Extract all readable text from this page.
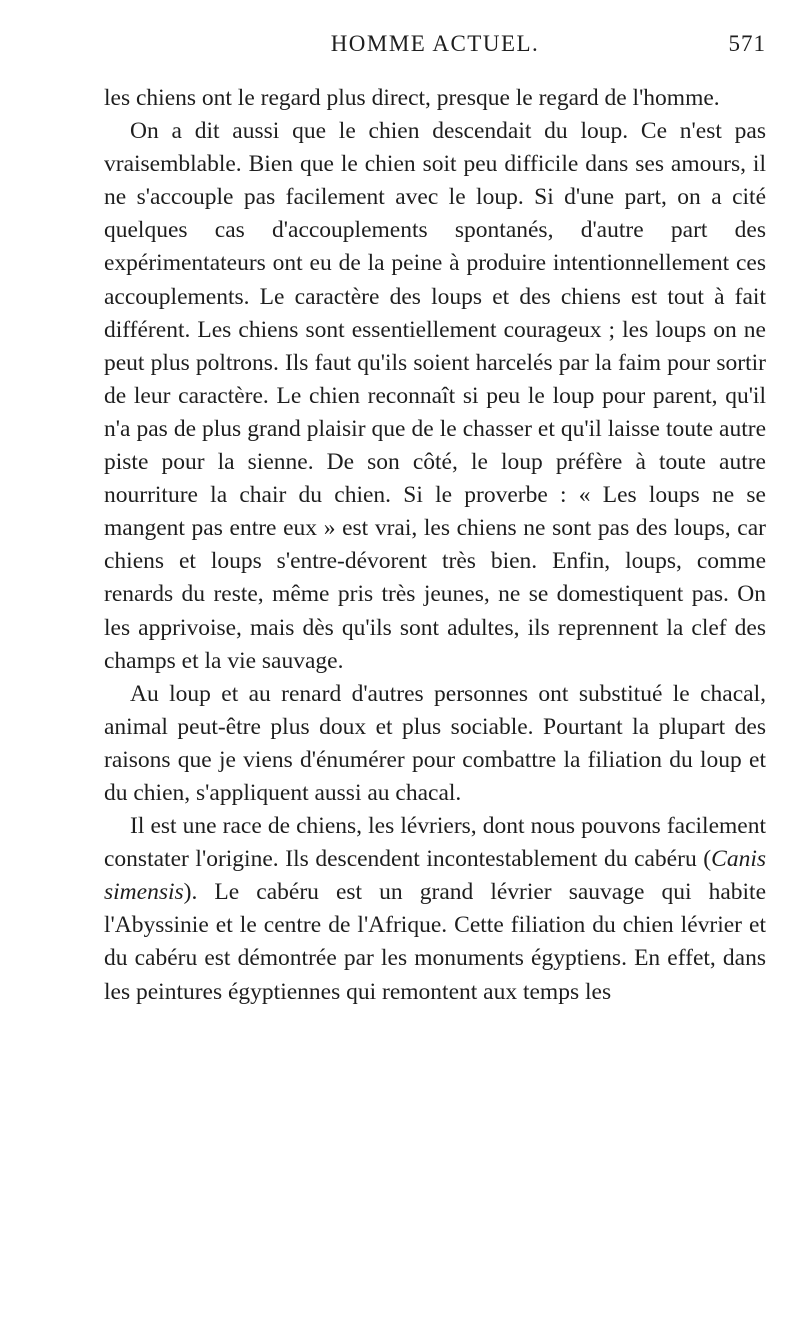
HOMME ACTUEL.	571

les chiens ont le regard plus direct, presque le regard de l'homme.

On a dit aussi que le chien descendait du loup. Ce n'est pas vraisemblable. Bien que le chien soit peu difficile dans ses amours, il ne s'accouple pas facilement avec le loup. Si d'une part, on a cité quelques cas d'accouplements spontanés, d'autre part des expérimentateurs ont eu de la peine à produire intentionnellement ces accouplements. Le caractère des loups et des chiens est tout à fait différent. Les chiens sont essentiellement courageux ; les loups on ne peut plus poltrons. Ils faut qu'ils soient harcelés par la faim pour sortir de leur caractère. Le chien reconnaît si peu le loup pour parent, qu'il n'a pas de plus grand plaisir que de le chasser et qu'il laisse toute autre piste pour la sienne. De son côté, le loup préfère à toute autre nourriture la chair du chien. Si le proverbe : « Les loups ne se mangent pas entre eux » est vrai, les chiens ne sont pas des loups, car chiens et loups s'entre-dévorent très bien. Enfin, loups, comme renards du reste, même pris très jeunes, ne se domestiquent pas. On les apprivoise, mais dès qu'ils sont adultes, ils reprennent la clef des champs et la vie sauvage.

Au loup et au renard d'autres personnes ont substitué le chacal, animal peut-être plus doux et plus sociable. Pourtant la plupart des raisons que je viens d'énumérer pour combattre la filiation du loup et du chien, s'appliquent aussi au chacal.

Il est une race de chiens, les lévriers, dont nous pouvons facilement constater l'origine. Ils descendent incontestablement du cabéru (Canis simensis). Le cabéru est un grand lévrier sauvage qui habite l'Abyssinie et le centre de l'Afrique. Cette filiation du chien lévrier et du cabéru est démontrée par les monuments égyptiens. En effet, dans les peintures égyptiennes qui remontent aux temps les
